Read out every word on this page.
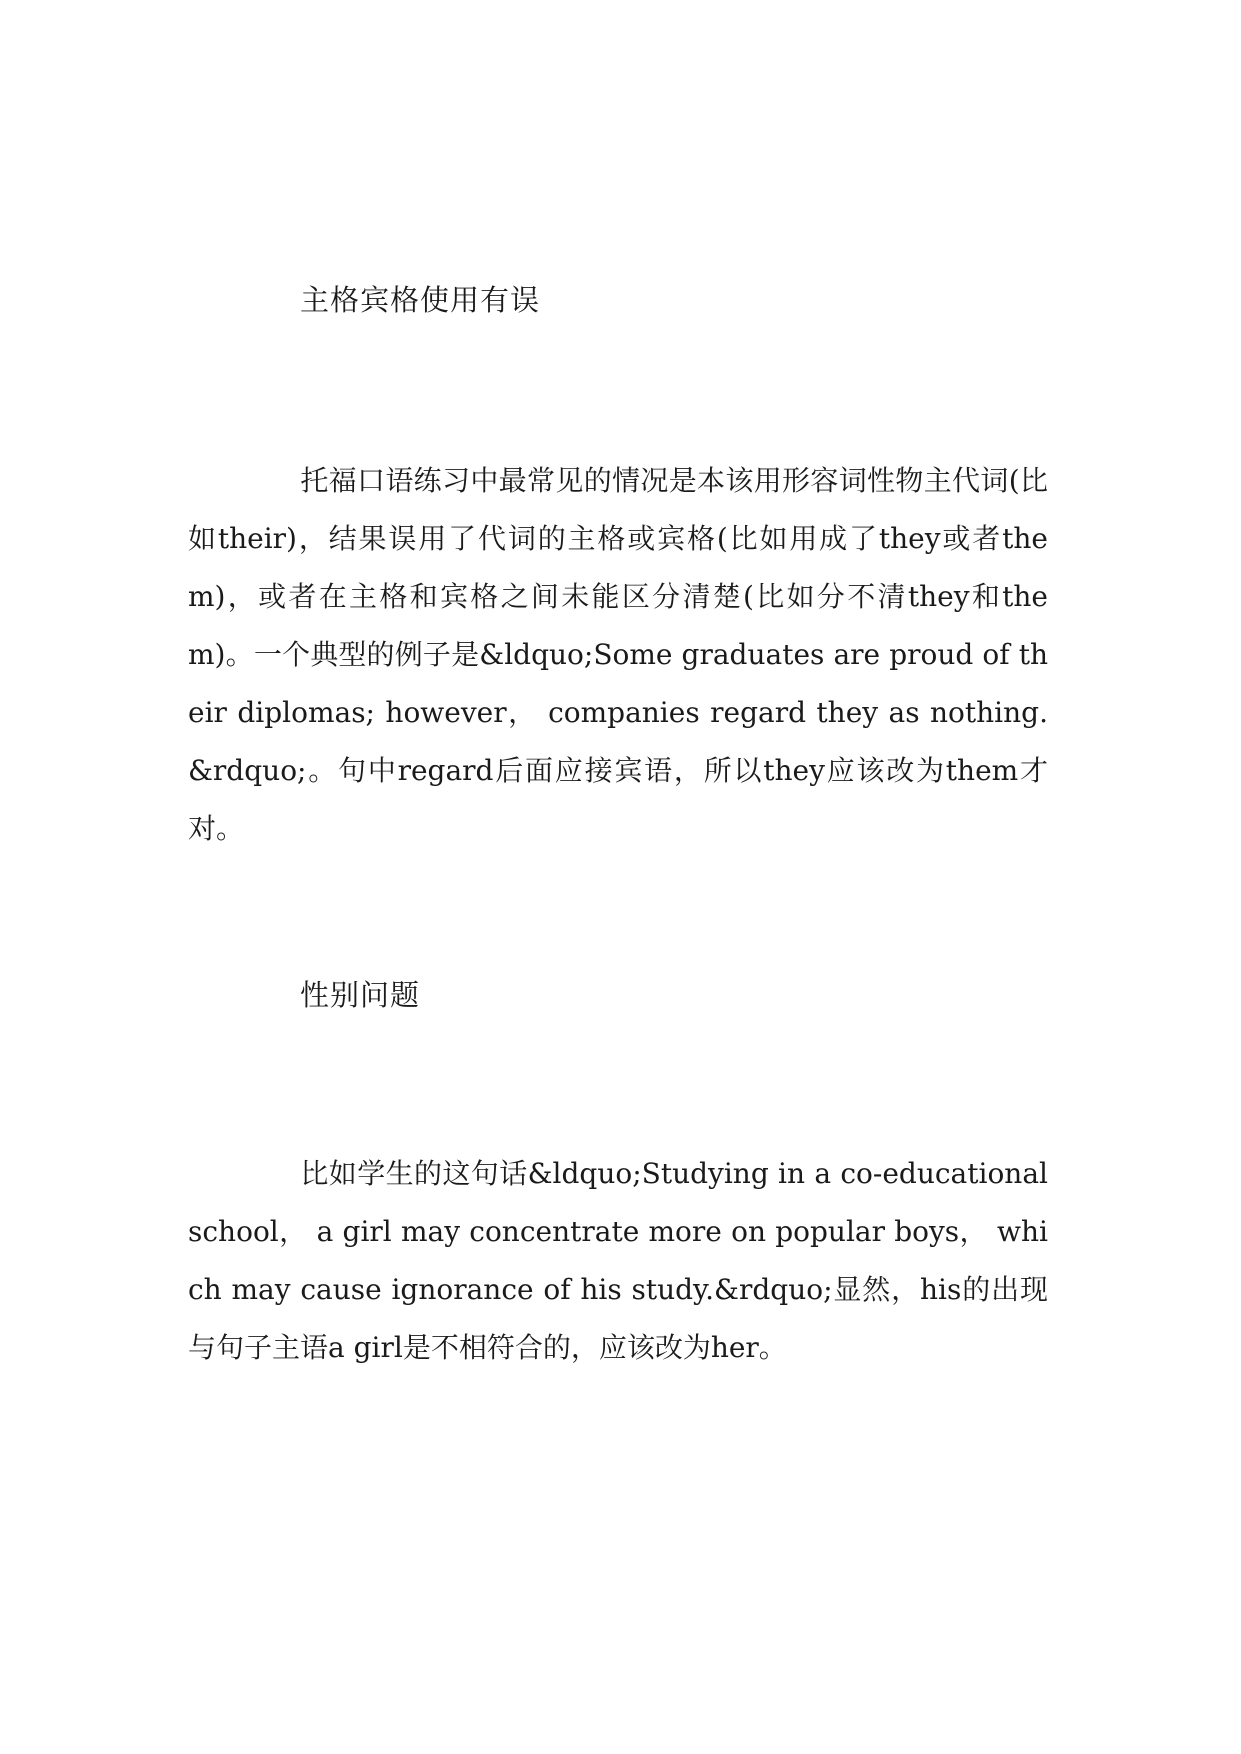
主格宾格使用有误
托福口语练习中最常见的情况是本该用形容词性物主代词(比如their)，结果误用了代词的主格或宾格(比如用成了they或者them)，或者在主格和宾格之间未能区分清楚(比如分不清they和them)。一个典型的例子是&ldquo;Some graduates are proud of their diplomas; however， companies regard they as nothing.&rdquo;。句中regard后面应接宾语，所以they应该改为them才对。
性别问题
比如学生的这句话&ldquo;Studying in a co-educational school， a girl may concentrate more on popular boys， which may cause ignorance of his study.&rdquo;显然，his的出现与句子主语a girl是不相符合的，应该改为her。
